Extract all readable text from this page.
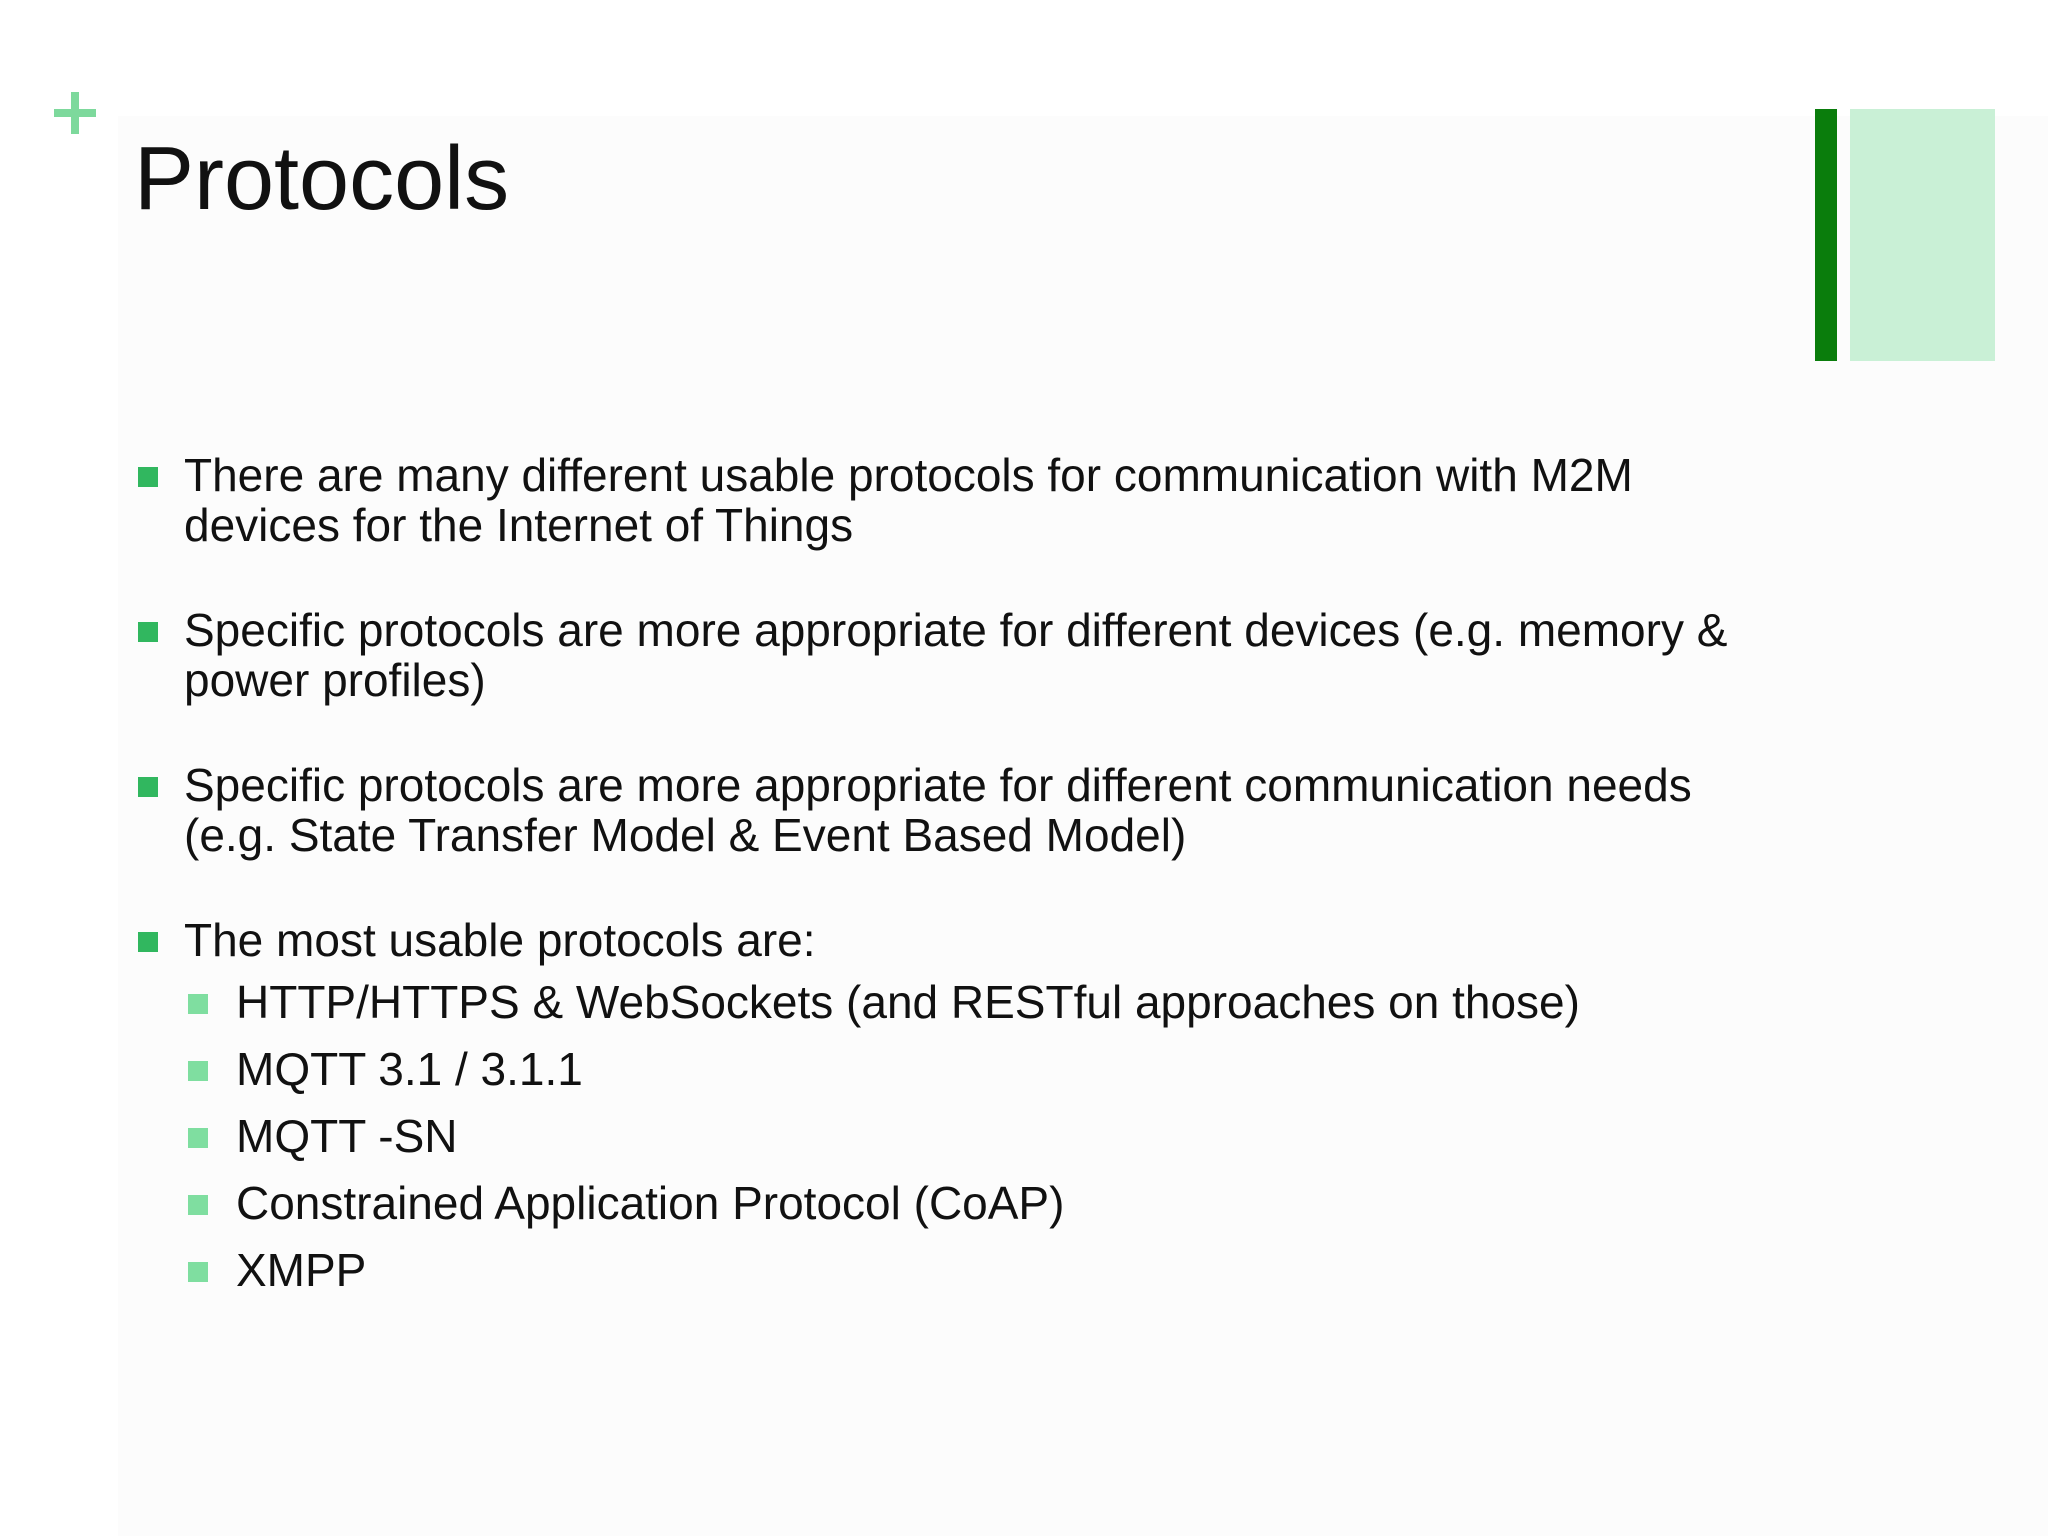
Protocols
There are many different usable protocols for communication with M2M devices for the Internet of Things
Specific protocols are more appropriate for different devices (e.g. memory & power profiles)
Specific protocols are more appropriate for different communication needs (e.g. State Transfer Model & Event Based Model)
The most usable protocols are:
HTTP/HTTPS & WebSockets (and RESTful approaches on those)
MQTT 3.1 / 3.1.1
MQTT -SN
Constrained Application Protocol (CoAP)
XMPP
